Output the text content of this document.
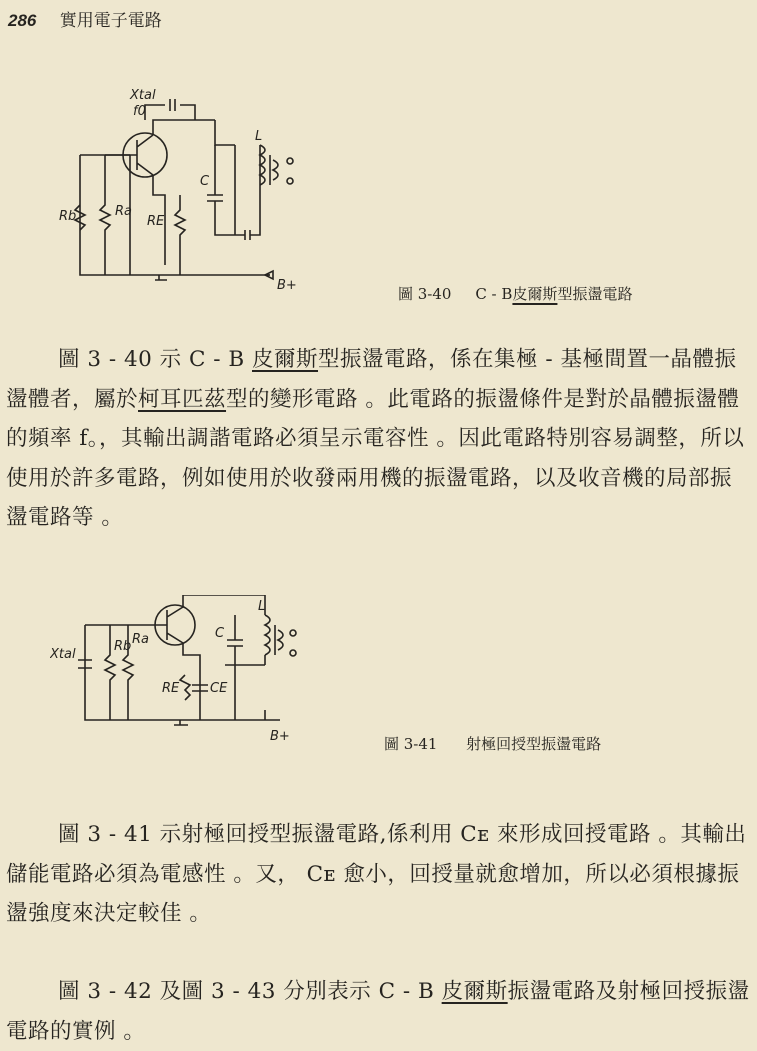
286 實用電子電路
Xtal
f0
L
C
Rb	Ra
RE
B+	圖 3-40 C - B皮爾斯型振盪電路

圖 3 - 40 示 C - B 皮爾斯型振盪電路，係在集極 - 基極間置一晶體振盪體者，屬於柯耳匹茲型的變形電路 。此電路的振盪條件是對於晶體振盪體的頻率 f。，其輸出調諧電路必須呈示電容性 。因此電路特別容易調整，所以使用於許多電路，例如使用於收發兩用機的振盪電路，以及收音機的局部振盪電路等 。

Xtal
Rb Ra
L
C
RE CE
B+	圖 3-41 射極回授型振盪電路

圖 3 - 41 示射極回授型振盪電路,係利用 Cᴇ 來形成回授電路 。其輸出儲能電路必須為電感性 。又， Cᴇ 愈小，回授量就愈增加，所以必須根據振盪強度來決定較佳 。

圖 3 - 42 及圖 3 - 43 分別表示 C - B 皮爾斯振盪電路及射極回授振盪電路的實例 。
